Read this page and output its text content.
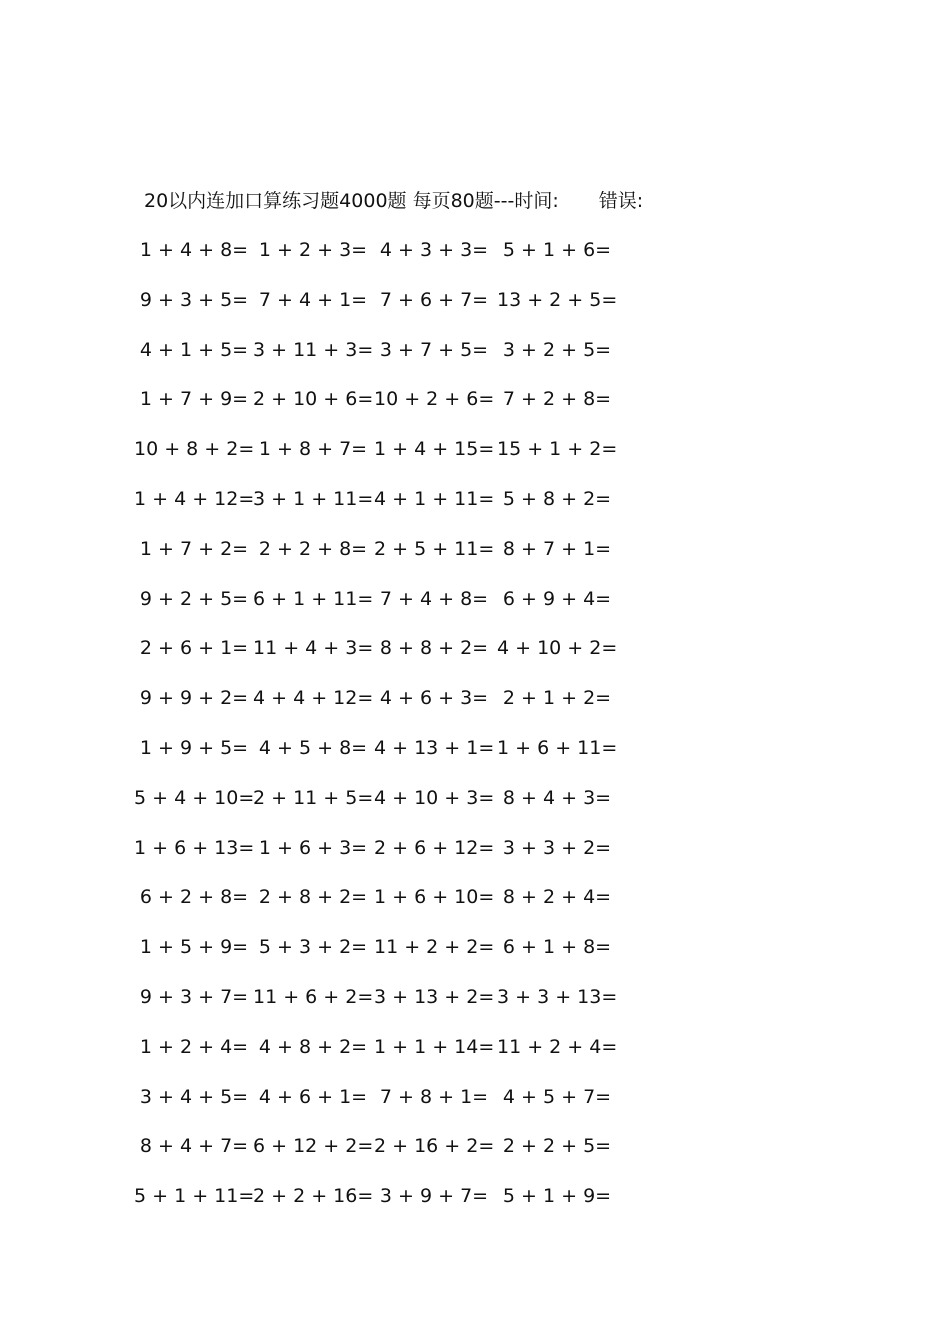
20以内连加口算练习题4000题 每页80题---时间: 错误:
1 + 4 + 8= 1 + 2 + 3= 4 + 3 + 3= 5 + 1 + 6=
9 + 3 + 5= 7 + 4 + 1= 7 + 6 + 7= 13 + 2 + 5=
4 + 1 + 5= 3 + 11 + 3= 3 + 7 + 5= 3 + 2 + 5=
1 + 7 + 9= 2 + 10 + 6= 10 + 2 + 6= 7 + 2 + 8=
10 + 8 + 2= 1 + 8 + 7= 1 + 4 + 15= 15 + 1 + 2=
1 + 4 + 12=
3 + 1 + 11= 4 + 1 + 11= 5 + 8 + 2=
1 + 7 + 2= 2 + 2 + 8= 2 + 5 + 11= 8 + 7 + 1=
9 + 2 + 5= 6 + 1 + 11= 7 + 4 + 8= 6 + 9 + 4=
2 + 6 + 1= 11 + 4 + 3= 8 + 8 + 2= 4 + 10 + 2=
9 + 9 + 2= 4 + 4 + 12= 4 + 6 + 3= 2 + 1 + 2=
1 + 9 + 5= 4 + 5 + 8= 4 + 13 + 1= 1 + 6 + 11=
5 + 4 + 10=
2 + 11 + 5= 4 + 10 + 3= 8 + 4 + 3=
1 + 6 + 13= 1 + 6 + 3= 2 + 6 + 12= 3 + 3 + 2=
6 + 2 + 8= 2 + 8 + 2= 1 + 6 + 10= 8 + 2 + 4=
1 + 5 + 9= 5 + 3 + 2= 11 + 2 + 2= 6 + 1 + 8=
9 + 3 + 7= 11 + 6 + 2= 3 + 13 + 2= 3 + 3 + 13=
1 + 2 + 4= 4 + 8 + 2= 1 + 1 + 14= 11 + 2 + 4=
3 + 4 + 5= 4 + 6 + 1= 7 + 8 + 1= 4 + 5 + 7=
8 + 4 + 7= 6 + 12 + 2= 2 + 16 + 2= 2 + 2 + 5=
5 + 1 + 11=
2 + 2 + 16= 3 + 9 + 7= 5 + 1 + 9=
